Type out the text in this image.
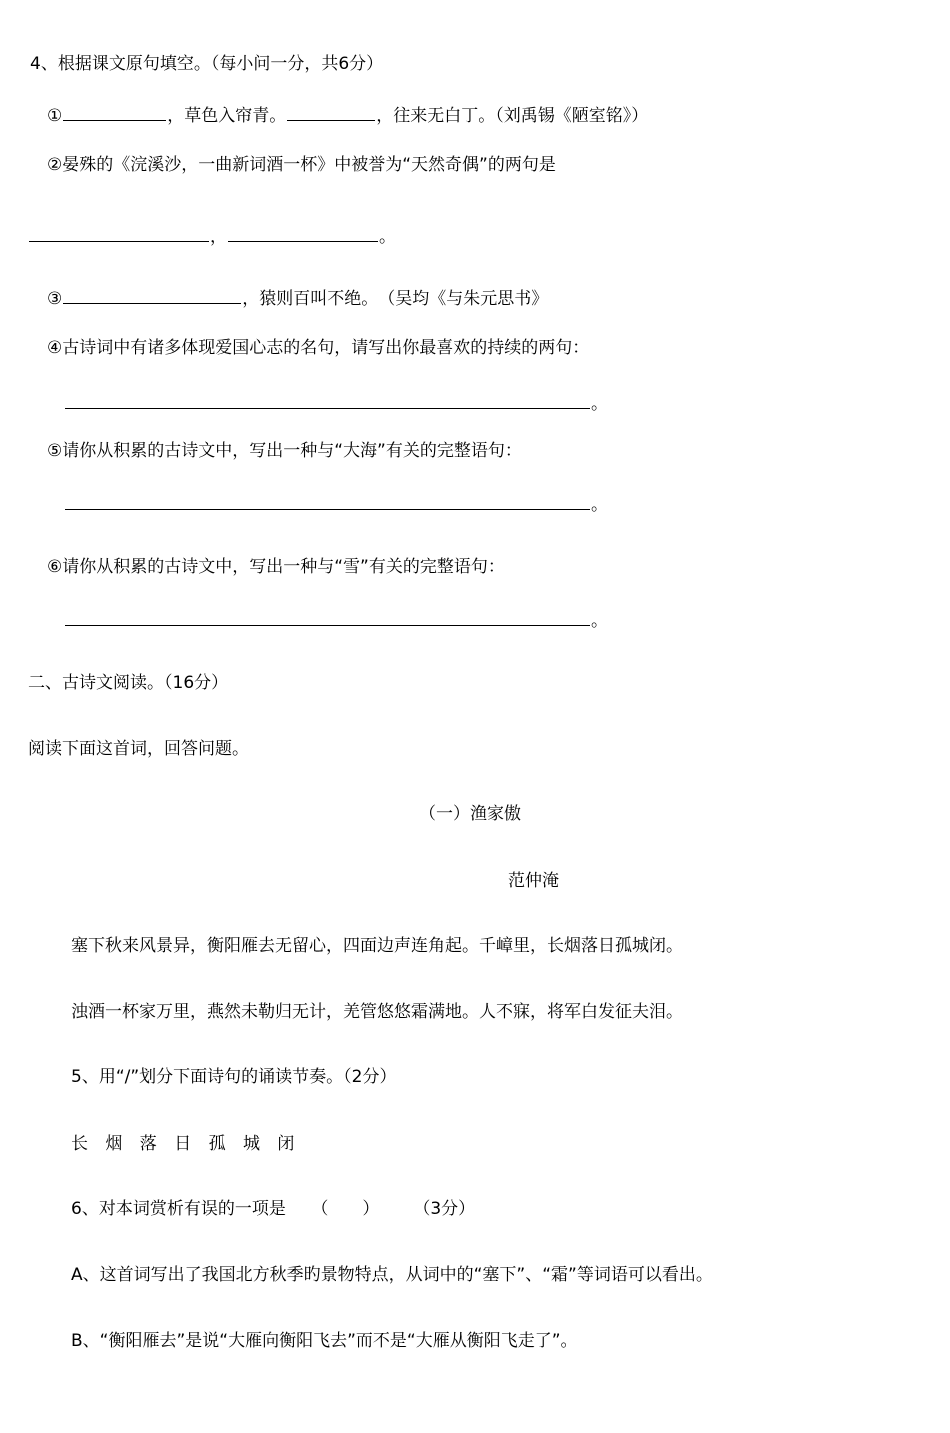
4、根据课文原句填空。（每小问一分，共6分）
①	，草色入帘青。	，往来无白丁。（刘禹锡《陋室铭》）
②晏殊的《浣溪沙，一曲新词酒一杯》中被誉为“天然奇偶”的两句是
，	。
③	，猿则百叫不绝。　（吴均《与朱元思书》
④古诗词中有诸多体现爱国心志的名句，请写出你最喜欢的持续的两句：
。
⑤请你从积累的古诗文中，写出一种与“大海”有关的完整语句：
。
⑥请你从积累的古诗文中，写出一种与“雪”有关的完整语句：
。
二、古诗文阅读。（16分）
阅读下面这首词，回答问题。
（一）渔家傲
范仲淹
塞下秋来风景异，衡阳雁去无留心，四面边声连角起。千嶂里，长烟落日孤城闭。
浊酒一杯家万里，燕然未勒归无计，羌管悠悠霜满地。人不寐，将军白发征夫泪。
5、用“/”划分下面诗句的诵读节奏。（2分）
长 烟 落 日 孤 城 闭
6、对本词赏析有误的一项是　　（　　）　　　（3分）
A、这首词写出了我国北方秋季旳景物特点，从词中的“塞下”、“霜”等词语可以看出。
B、“衡阳雁去”是说“大雁向衡阳飞去”而不是“大雁从衡阳飞走了”。
